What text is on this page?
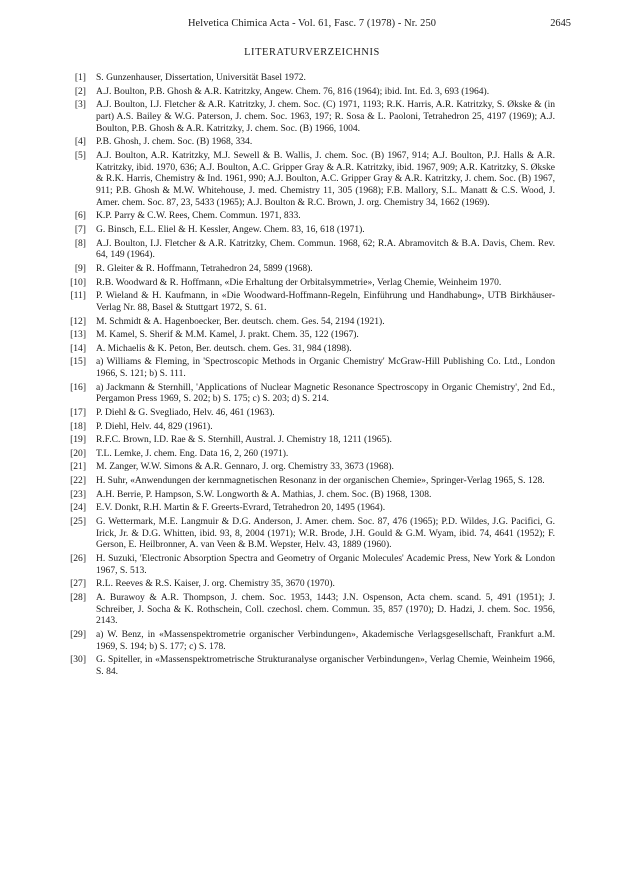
Helvetica Chimica Acta - Vol. 61, Fasc. 7 (1978) - Nr. 250	2645
LITERATURVERZEICHNIS
[1] S. Gunzenhauser, Dissertation, Universität Basel 1972.
[2] A.J. Boulton, P.B. Ghosh & A.R. Katritzky, Angew. Chem. 76, 816 (1964); ibid. Int. Ed. 3, 693 (1964).
[3] A.J. Boulton, I.J. Fletcher & A.R. Katritzky, J. chem. Soc. (C) 1971, 1193; R.K. Harris, A.R. Katritzky, S. Økske & (in part) A.S. Bailey & W.G. Paterson, J. chem. Soc. 1963, 197; R. Sosa & L. Paoloni, Tetrahedron 25, 4197 (1969); A.J. Boulton, P.B. Ghosh & A.R. Katritzky, J. chem. Soc. (B) 1966, 1004.
[4] P.B. Ghosh, J. chem. Soc. (B) 1968, 334.
[5] A.J. Boulton, A.R. Katritzky, M.J. Sewell & B. Wallis, J. chem. Soc. (B) 1967, 914; A.J. Boulton, P.J. Halls & A.R. Katritzky, ibid. 1970, 636; A.J. Boulton, A.C. Gripper Gray & A.R. Katritzky, ibid. 1967, 909; A.R. Katritzky, S. Økske & R.K. Harris, Chemistry & Ind. 1961, 990; A.J. Boulton, A.C. Gripper Gray & A.R. Katritzky, J. chem. Soc. (B) 1967, 911; P.B. Ghosh & M.W. Whitehouse, J. med. Chemistry 11, 305 (1968); F.B. Mallory, S.L. Manatt & C.S. Wood, J. Amer. chem. Soc. 87, 23, 5433 (1965); A.J. Boulton & R.C. Brown, J. org. Chemistry 34, 1662 (1969).
[6] K.P. Parry & C.W. Rees, Chem. Commun. 1971, 833.
[7] G. Binsch, E.L. Eliel & H. Kessler, Angew. Chem. 83, 16, 618 (1971).
[8] A.J. Boulton, I.J. Fletcher & A.R. Katritzky, Chem. Commun. 1968, 62; R.A. Abramovitch & B.A. Davis, Chem. Rev. 64, 149 (1964).
[9] R. Gleiter & R. Hoffmann, Tetrahedron 24, 5899 (1968).
[10] R.B. Woodward & R. Hoffmann, «Die Erhaltung der Orbitalsymmetrie», Verlag Chemie, Weinheim 1970.
[11] P. Wieland & H. Kaufmann, in «Die Woodward-Hoffmann-Regeln, Einführung und Handhabung», UTB Birkhäuser-Verlag Nr. 88, Basel & Stuttgart 1972, S. 61.
[12] M. Schmidt & A. Hagenboecker, Ber. deutsch. chem. Ges. 54, 2194 (1921).
[13] M. Kamel, S. Sherif & M.M. Kamel, J. prakt. Chem. 35, 122 (1967).
[14] A. Michaelis & K. Peton, Ber. deutsch. chem. Ges. 31, 984 (1898).
[15] a) Williams & Fleming, in 'Spectroscopic Methods in Organic Chemistry' McGraw-Hill Publishing Co. Ltd., London 1966, S. 121; b) S. 111.
[16] a) Jackmann & Sternhill, 'Applications of Nuclear Magnetic Resonance Spectroscopy in Organic Chemistry', 2nd Ed., Pergamon Press 1969, S. 202; b) S. 175; c) S. 203; d) S. 214.
[17] P. Diehl & G. Svegliado, Helv. 46, 461 (1963).
[18] P. Diehl, Helv. 44, 829 (1961).
[19] R.F.C. Brown, I.D. Rae & S. Sternhill, Austral. J. Chemistry 18, 1211 (1965).
[20] T.L. Lemke, J. chem. Eng. Data 16, 2, 260 (1971).
[21] M. Zanger, W.W. Simons & A.R. Gennaro, J. org. Chemistry 33, 3673 (1968).
[22] H. Suhr, «Anwendungen der kernmagnetischen Resonanz in der organischen Chemie», Springer-Verlag 1965, S. 128.
[23] A.H. Berrie, P. Hampson, S.W. Longworth & A. Mathias, J. chem. Soc. (B) 1968, 1308.
[24] E.V. Donkt, R.H. Martin & F. Greerts-Evrard, Tetrahedron 20, 1495 (1964).
[25] G. Wettermark, M.E. Langmuir & D.G. Anderson, J. Amer. chem. Soc. 87, 476 (1965); P.D. Wildes, J.G. Pacifici, G. Irick, Jr. & D.G. Whitten, ibid. 93, 8, 2004 (1971); W.R. Brode, J.H. Gould & G.M. Wyam, ibid. 74, 4641 (1952); F. Gerson, E. Heilbronner, A. van Veen & B.M. Wepster, Helv. 43, 1889 (1960).
[26] H. Suzuki, 'Electronic Absorption Spectra and Geometry of Organic Molecules' Academic Press, New York & London 1967, S. 513.
[27] R.L. Reeves & R.S. Kaiser, J. org. Chemistry 35, 3670 (1970).
[28] A. Burawoy & A.R. Thompson, J. chem. Soc. 1953, 1443; J.N. Ospenson, Acta chem. scand. 5, 491 (1951); J. Schreiber, J. Socha & K. Rothschein, Coll. czechosl. chem. Commun. 35, 857 (1970); D. Hadzi, J. chem. Soc. 1956, 2143.
[29] a) W. Benz, in «Massenspektrometrie organischer Verbindungen», Akademische Verlagsgesellschaft, Frankfurt a.M. 1969, S. 194; b) S. 177; c) S. 178.
[30] G. Spiteller, in «Massenspektrometrische Strukturanalyse organischer Verbindungen», Verlag Chemie, Weinheim 1966, S. 84.
